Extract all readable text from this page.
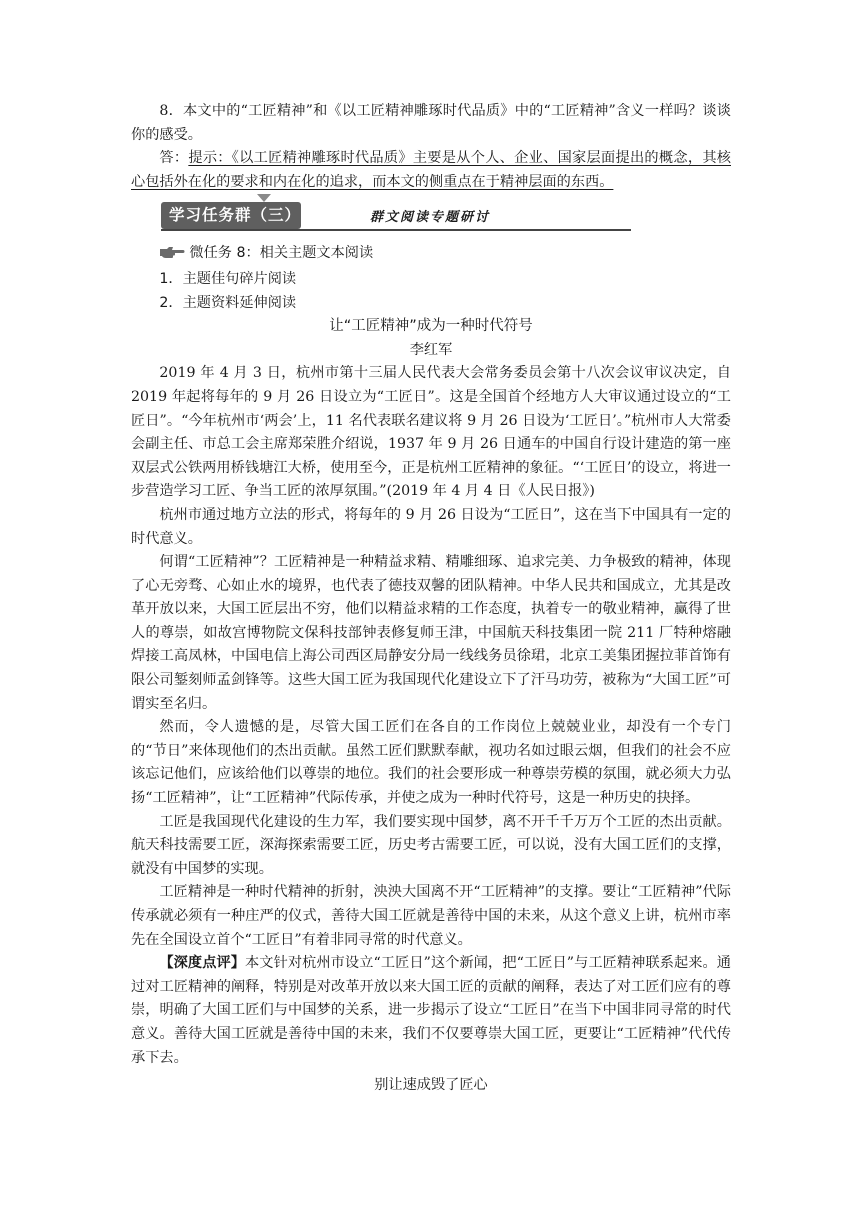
8．本文中的“工匠精神”和《以工匠精神雕琢时代品质》中的“工匠精神”含义一样吗？谈谈你的感受。

答：提示：《以工匠精神雕琢时代品质》主要是从个人、企业、国家层面提出的概念，其核心包括外在化的要求和内在化的追求，而本文的侧重点在于精神层面的东西。

学习任务群（三）	群文阅读专题研讨

微任务 8：相关主题文本阅读

1．主题佳句碎片阅读

2．主题资料延伸阅读

让“工匠精神”成为一种时代符号

李红军

2019 年 4 月 3 日，杭州市第十三届人民代表大会常务委员会第十八次会议审议决定，自 2019 年起将每年的 9 月 26 日设立为“工匠日”。这是全国首个经地方人大审议通过设立的“工匠日”。“今年杭州市‘两会’上，11 名代表联名建议将 9 月 26 日设为‘工匠日’。”杭州市人大常委会副主任、市总工会主席郑荣胜介绍说，1937 年 9 月 26 日通车的中国自行设计建造的第一座双层式公铁两用桥钱塘江大桥，使用至今，正是杭州工匠精神的象征。“‘工匠日’的设立，将进一步营造学习工匠、争当工匠的浓厚氛围。”(2019 年 4 月 4 日《人民日报》)

杭州市通过地方立法的形式，将每年的 9 月 26 日设为“工匠日”，这在当下中国具有一定的时代意义。

何谓“工匠精神”？工匠精神是一种精益求精、精雕细琢、追求完美、力争极致的精神，体现了心无旁骛、心如止水的境界，也代表了德技双馨的团队精神。中华人民共和国成立，尤其是改革开放以来，大国工匠层出不穷，他们以精益求精的工作态度，执着专一的敬业精神，赢得了世人的尊崇，如故宫博物院文保科技部钟表修复师王津，中国航天科技集团一院 211 厂特种熔融焊接工高凤林，中国电信上海公司西区局静安分局一线线务员徐珺，北京工美集团握拉菲首饰有限公司錾刻师孟剑锋等。这些大国工匠为我国现代化建设立下了汗马功劳，被称为“大国工匠”可谓实至名归。

然而，令人遗憾的是，尽管大国工匠们在各自的工作岗位上兢兢业业，却没有一个专门的“节日”来体现他们的杰出贡献。虽然工匠们默默奉献，视功名如过眼云烟，但我们的社会不应该忘记他们，应该给他们以尊崇的地位。我们的社会要形成一种尊崇劳模的氛围，就必须大力弘扬“工匠精神”，让“工匠精神”代际传承，并使之成为一种时代符号，这是一种历史的抉择。

工匠是我国现代化建设的生力军，我们要实现中国梦，离不开千千万万个工匠的杰出贡献。航天科技需要工匠，深海探索需要工匠，历史考古需要工匠，可以说，没有大国工匠们的支撑，就没有中国梦的实现。

工匠精神是一种时代精神的折射，泱泱大国离不开“工匠精神”的支撑。要让“工匠精神”代际传承就必须有一种庄严的仪式，善待大国工匠就是善待中国的未来，从这个意义上讲，杭州市率先在全国设立首个“工匠日”有着非同寻常的时代意义。

【深度点评】本文针对杭州市设立“工匠日”这个新闻，把“工匠日”与工匠精神联系起来。通过对工匠精神的阐释，特别是对改革开放以来大国工匠的贡献的阐释，表达了对工匠们应有的尊崇，明确了大国工匠们与中国梦的关系，进一步揭示了设立“工匠日”在当下中国非同寻常的时代意义。善待大国工匠就是善待中国的未来，我们不仅要尊崇大国工匠，更要让“工匠精神”代代传承下去。

别让速成毁了匠心
